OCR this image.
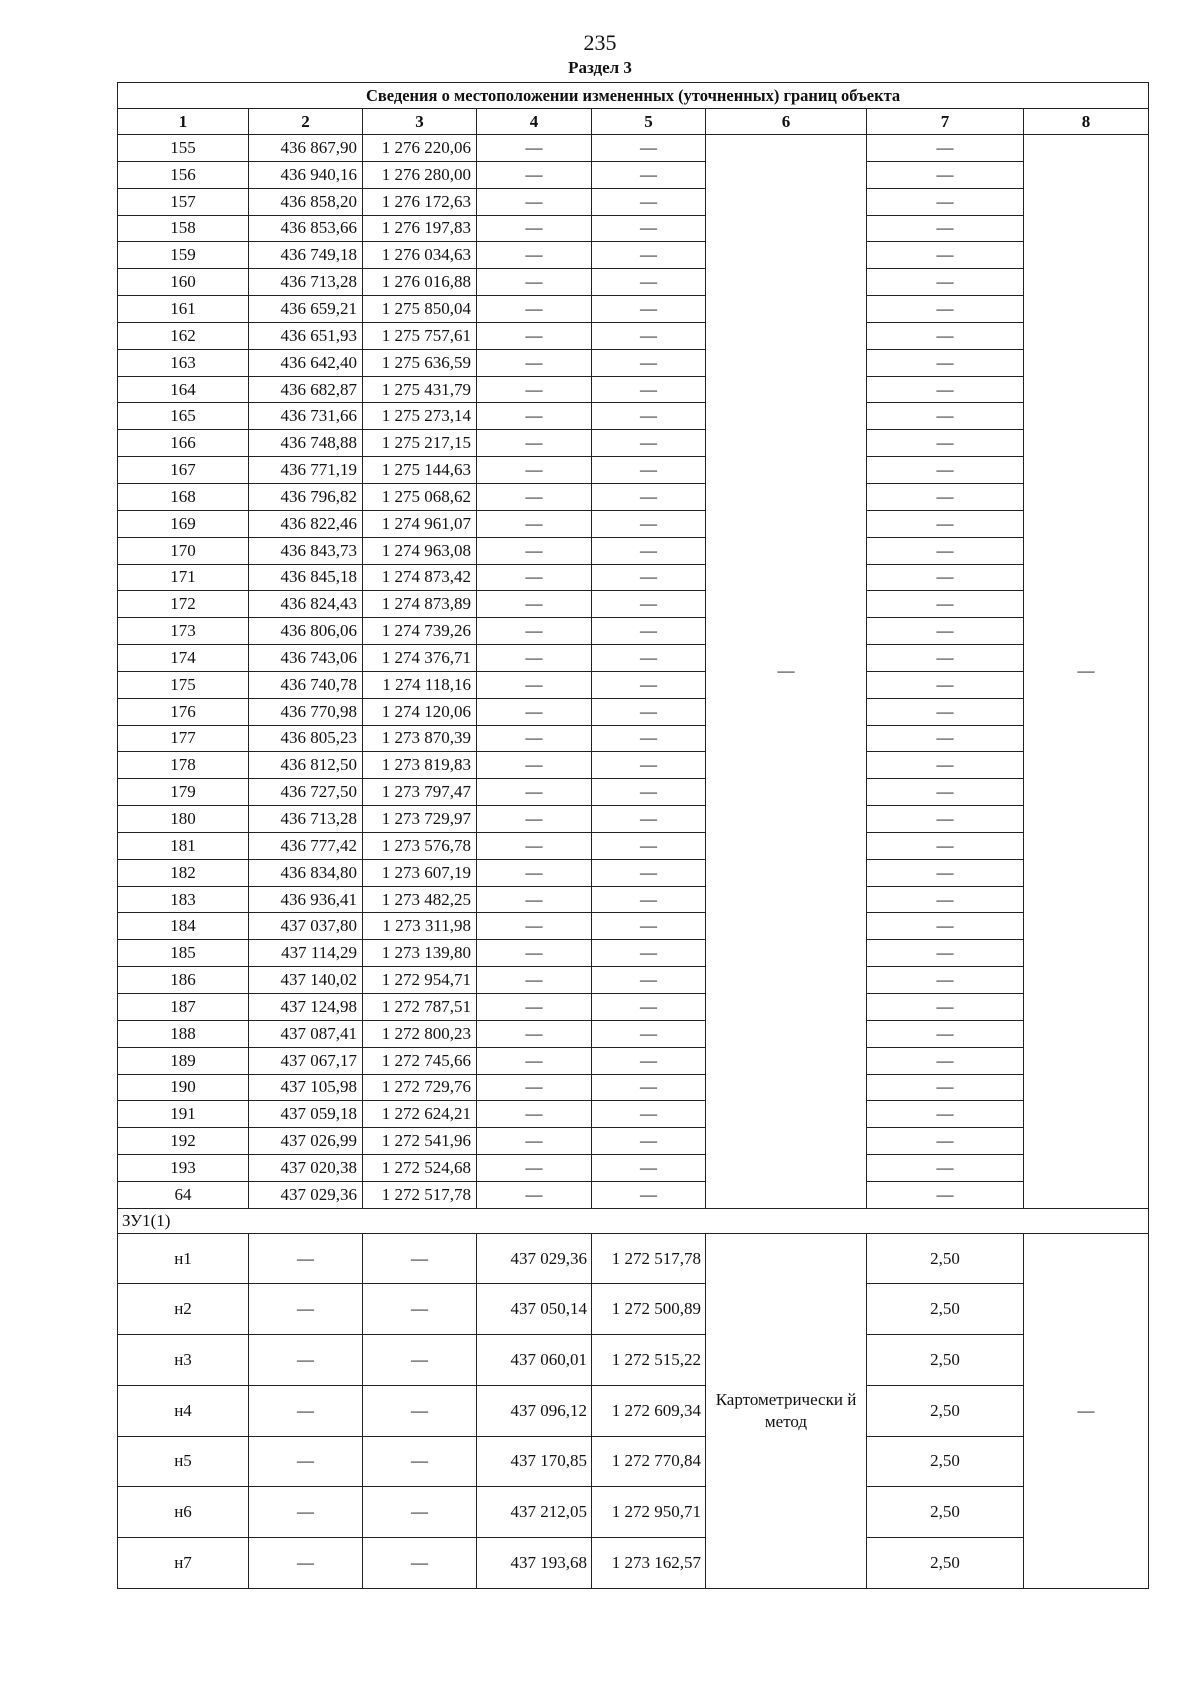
235
Раздел 3
Сведения о местоположении измененных (уточненных) границ объекта							
1	2	3	4	5	6	7	8
155	436 867,90	1 276 220,06	—	—	—	—	—
156	436 940,16	1 276 280,00	—	—		—	
157	436 858,20	1 276 172,63	—	—		—	
158	436 853,66	1 276 197,83	—	—		—	
159	436 749,18	1 276 034,63	—	—		—	
160	436 713,28	1 276 016,88	—	—		—	
161	436 659,21	1 275 850,04	—	—		—	
162	436 651,93	1 275 757,61	—	—		—	
163	436 642,40	1 275 636,59	—	—		—	
164	436 682,87	1 275 431,79	—	—		—	
165	436 731,66	1 275 273,14	—	—		—	
166	436 748,88	1 275 217,15	—	—		—	
167	436 771,19	1 275 144,63	—	—		—	
168	436 796,82	1 275 068,62	—	—		—	
169	436 822,46	1 274 961,07	—	—		—	
170	436 843,73	1 274 963,08	—	—		—	
171	436 845,18	1 274 873,42	—	—		—	
172	436 824,43	1 274 873,89	—	—		—	
173	436 806,06	1 274 739,26	—	—		—	
174	436 743,06	1 274 376,71	—	—		—	
175	436 740,78	1 274 118,16	—	—		—	
176	436 770,98	1 274 120,06	—	—		—	
177	436 805,23	1 273 870,39	—	—		—	
178	436 812,50	1 273 819,83	—	—		—	
179	436 727,50	1 273 797,47	—	—		—	
180	436 713,28	1 273 729,97	—	—		—	
181	436 777,42	1 273 576,78	—	—		—	
182	436 834,80	1 273 607,19	—	—		—	
183	436 936,41	1 273 482,25	—	—		—	
184	437 037,80	1 273 311,98	—	—		—	
185	437 114,29	1 273 139,80	—	—		—	
186	437 140,02	1 272 954,71	—	—		—	
187	437 124,98	1 272 787,51	—	—		—	
188	437 087,41	1 272 800,23	—	—		—	
189	437 067,17	1 272 745,66	—	—		—	
190	437 105,98	1 272 729,76	—	—		—	
191	437 059,18	1 272 624,21	—	—		—	
192	437 026,99	1 272 541,96	—	—		—	
193	437 020,38	1 272 524,68	—	—		—	
64	437 029,36	1 272 517,78	—	—		—	
ЗУ1(1)							
н1	—	—	437 029,36	1 272 517,78	Картометрически й метод	2,50	—
н2	—	—	437 050,14	1 272 500,89		2,50	
н3	—	—	437 060,01	1 272 515,22		2,50	
н4	—	—	437 096,12	1 272 609,34		2,50	
н5	—	—	437 170,85	1 272 770,84		2,50	
н6	—	—	437 212,05	1 272 950,71		2,50	
н7	—	—	437 193,68	1 273 162,57		2,50	
